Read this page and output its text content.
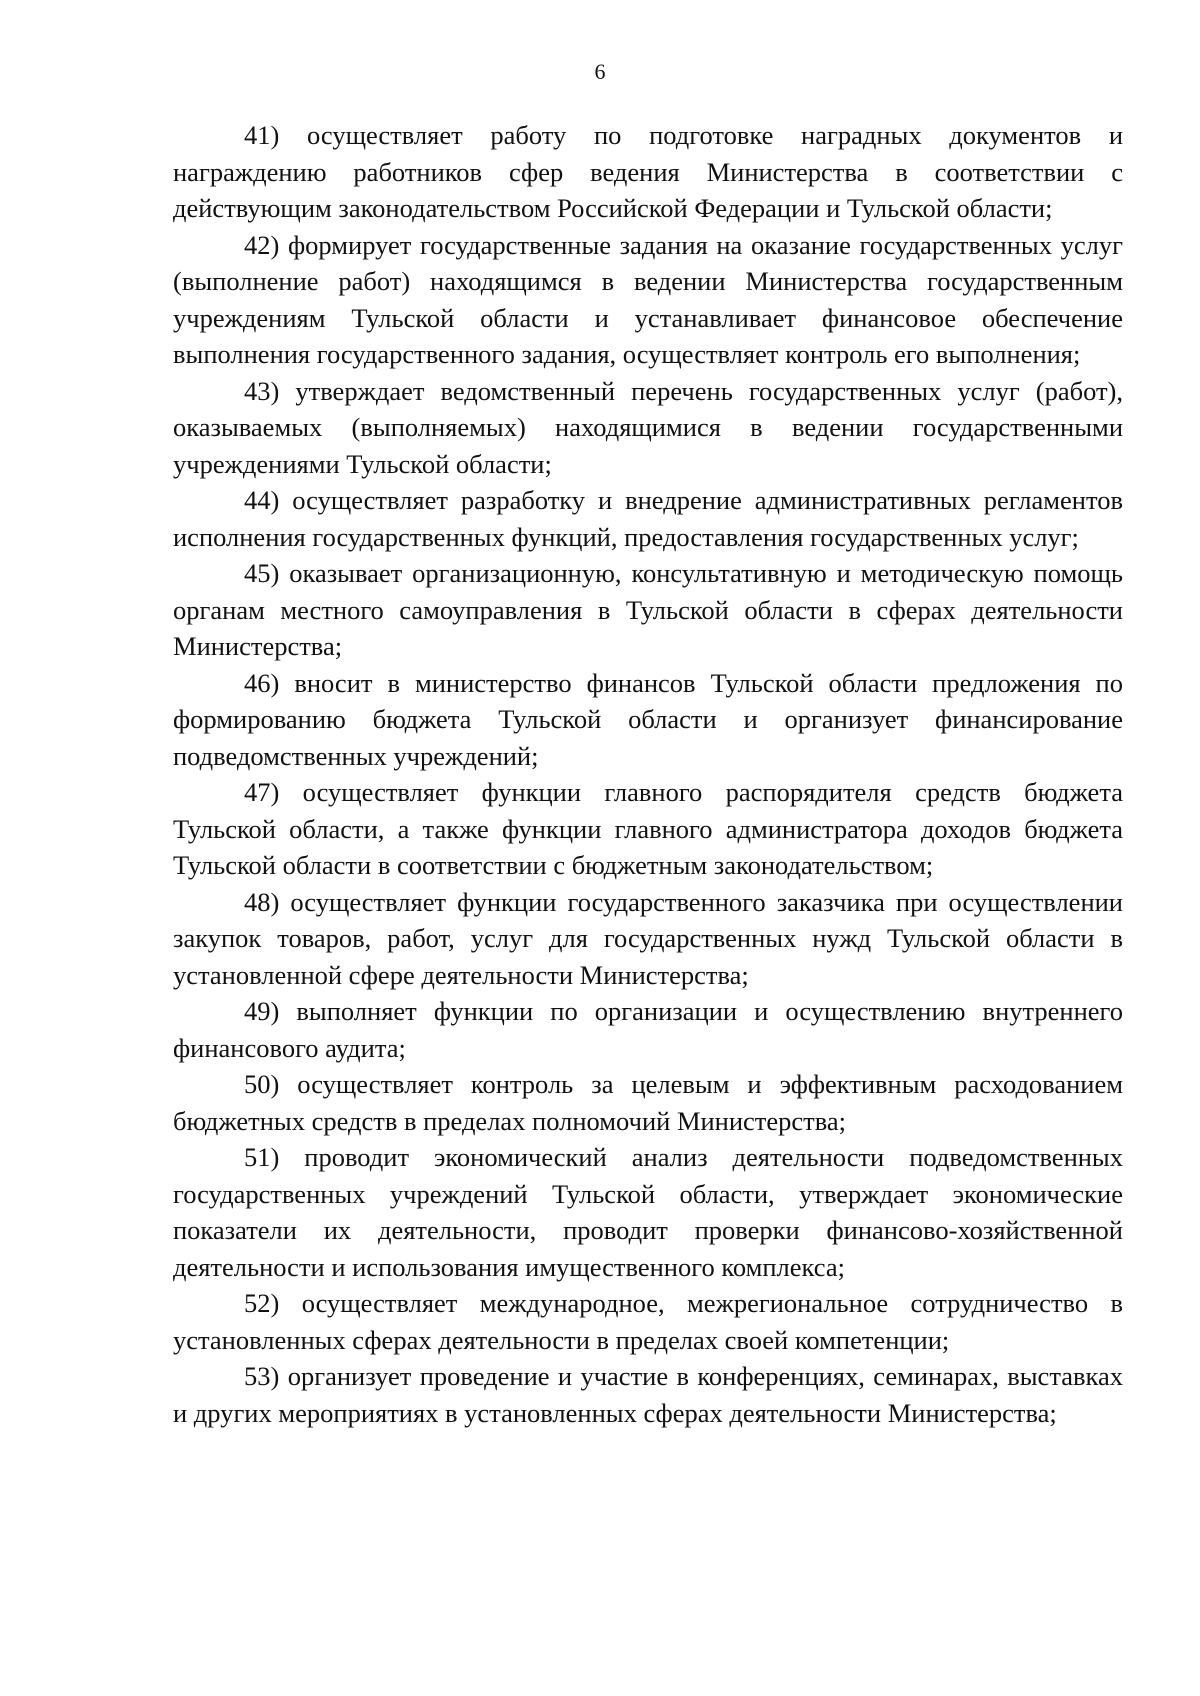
6

41) осуществляет работу по подготовке наградных документов и награждению работников сфер ведения Министерства в соответствии с действующим законодательством Российской Федерации и Тульской области;

42) формирует государственные задания на оказание государственных услуг (выполнение работ) находящимся в ведении Министерства государственным учреждениям Тульской области и устанавливает финансовое обеспечение выполнения государственного задания, осуществляет контроль его выполнения;

43) утверждает ведомственный перечень государственных услуг (работ), оказываемых (выполняемых) находящимися в ведении государственными учреждениями Тульской области;

44) осуществляет разработку и внедрение административных регламентов исполнения государственных функций, предоставления государственных услуг;

45) оказывает организационную, консультативную и методическую помощь органам местного самоуправления в Тульской области в сферах деятельности Министерства;

46) вносит в министерство финансов Тульской области предложения по формированию бюджета Тульской области и организует финансирование подведомственных учреждений;

47) осуществляет функции главного распорядителя средств бюджета Тульской области, а также функции главного администратора доходов бюджета Тульской области в соответствии с бюджетным законодательством;

48) осуществляет функции государственного заказчика при осуществлении закупок товаров, работ, услуг для государственных нужд Тульской области в установленной сфере деятельности Министерства;

49) выполняет функции по организации и осуществлению внутреннего финансового аудита;

50) осуществляет контроль за целевым и эффективным расходованием бюджетных средств в пределах полномочий Министерства;

51) проводит экономический анализ деятельности подведомственных государственных учреждений Тульской области, утверждает экономические показатели их деятельности, проводит проверки финансово-хозяйственной деятельности и использования имущественного комплекса;

52) осуществляет международное, межрегиональное сотрудничество в установленных сферах деятельности в пределах своей компетенции;

53) организует проведение и участие в конференциях, семинарах, выставках и других мероприятиях в установленных сферах деятельности Министерства;
